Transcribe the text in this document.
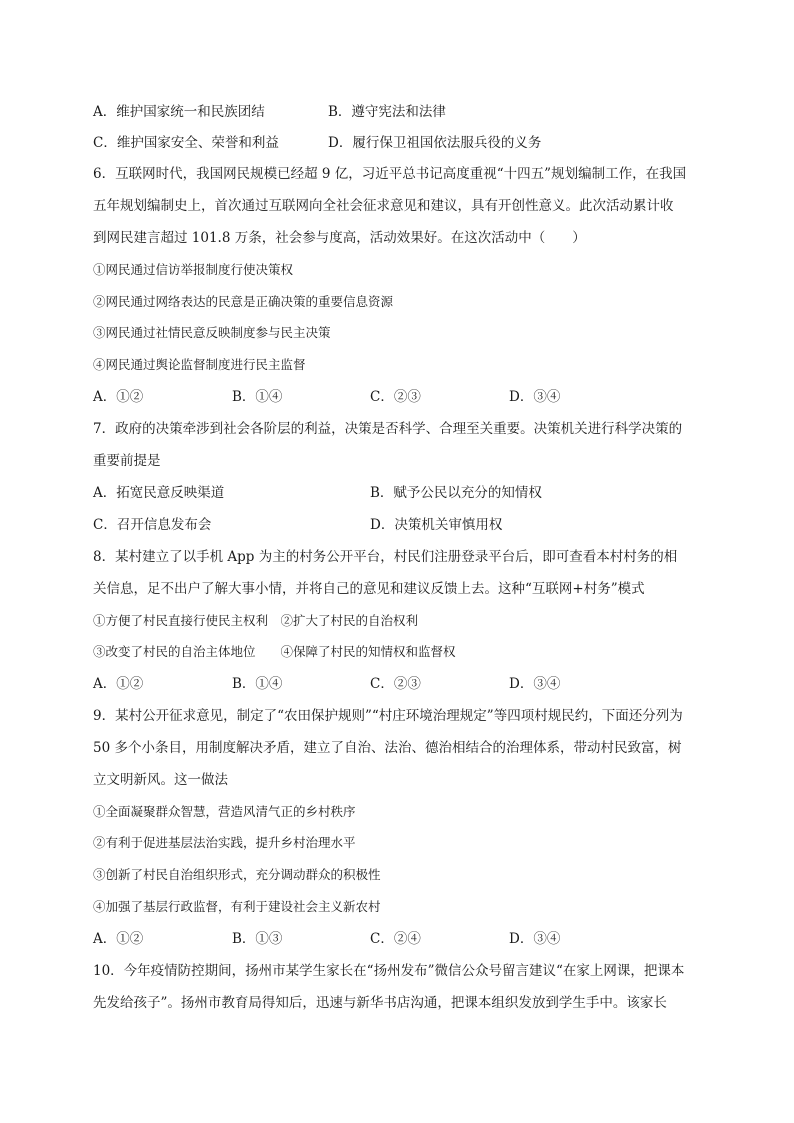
A．维护国家统一和民族团结	B．遵守宪法和法律
C．维护国家安全、荣誉和利益	D．履行保卫祖国依法服兵役的义务
6．互联网时代，我国网民规模已经超 9 亿，习近平总书记高度重视“十四五”规划编制工作，在我国
五年规划编制史上，首次通过互联网向全社会征求意见和建议，具有开创性意义。此次活动累计收
到网民建言超过 101.8 万条，社会参与度高，活动效果好。在这次活动中（　　）
①网民通过信访举报制度行使决策权
②网民通过网络表达的民意是正确决策的重要信息资源
③网民通过社情民意反映制度参与民主决策
④网民通过舆论监督制度进行民主监督
A．①②	B．①④	C．②③	D．③④
7．政府的决策牵涉到社会各阶层的利益，决策是否科学、合理至关重要。决策机关进行科学决策的
重要前提是
A．拓宽民意反映渠道	B．赋予公民以充分的知情权
C．召开信息发布会	D．决策机关审慎用权
8．某村建立了以手机 App 为主的村务公开平台，村民们注册登录平台后，即可查看本村村务的相
关信息，足不出户了解大事小情，并将自己的意见和建议反馈上去。这种“互联网+村务”模式
①方便了村民直接行使民主权利　②扩大了村民的自治权利
③改变了村民的自治主体地位　　④保障了村民的知情权和监督权
A．①②	B．①④	C．②③	D．③④
9．某村公开征求意见，制定了“农田保护规则”“村庄环境治理规定”等四项村规民约，下面还分列为
50 多个小条目，用制度解决矛盾，建立了自治、法治、德治相结合的治理体系，带动村民致富，树
立文明新风。这一做法
①全面凝聚群众智慧，营造风清气正的乡村秩序
②有利于促进基层法治实践，提升乡村治理水平
③创新了村民自治组织形式，充分调动群众的积极性
④加强了基层行政监督，有利于建设社会主义新农村
A．①②	B．①③	C．②④	D．③④
10．今年疫情防控期间，扬州市某学生家长在“扬州发布”微信公众号留言建议“在家上网课，把课本
先发给孩子”。扬州市教育局得知后，迅速与新华书店沟通，把课本组织发放到学生手中。该家长
